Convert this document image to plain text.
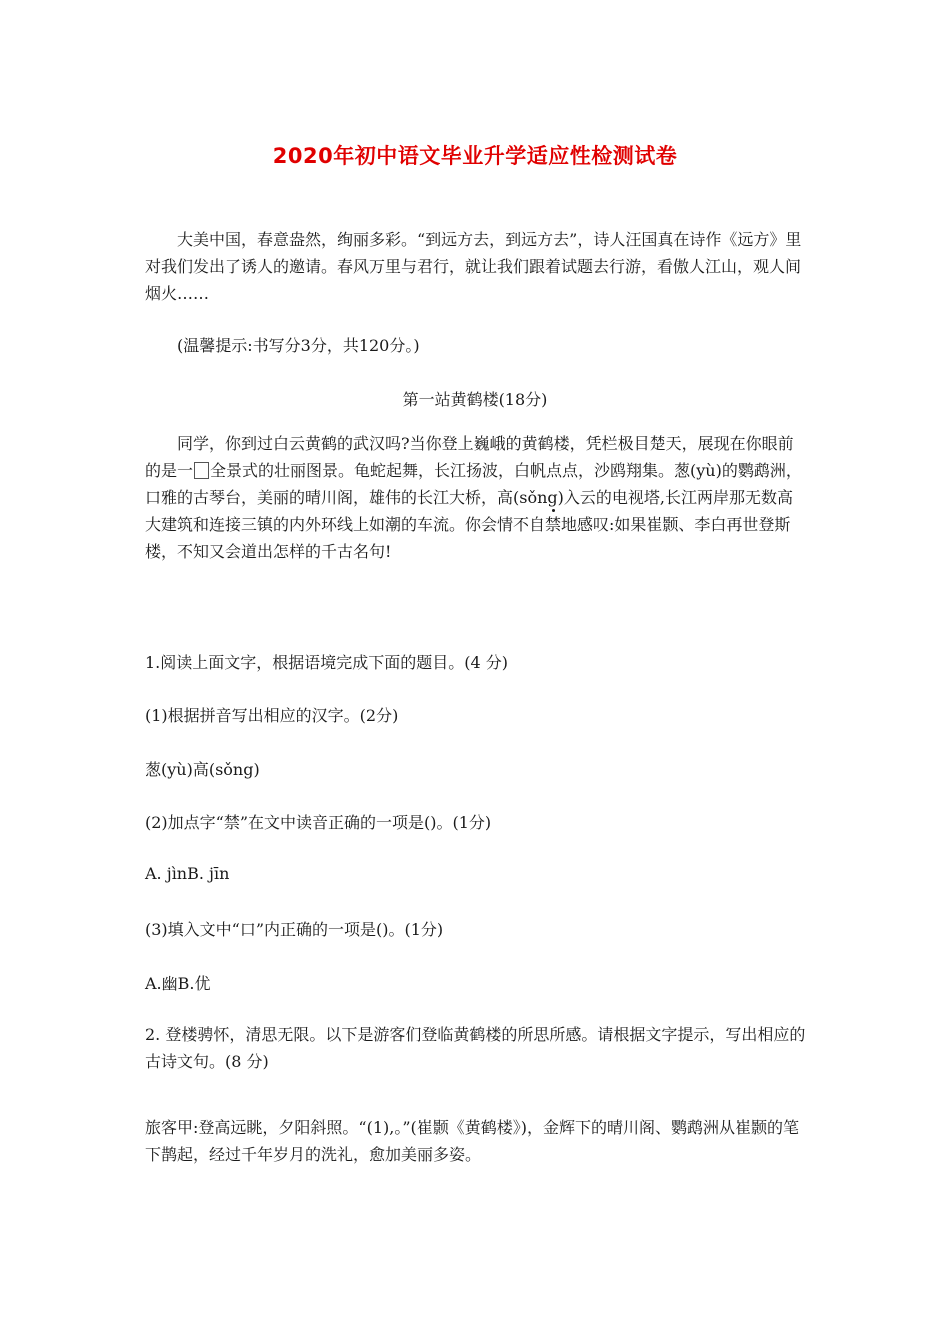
2020年初中语文毕业升学适应性检测试卷

大美中国，春意盎然，绚丽多彩。“到远方去，到远方去”，诗人汪国真在诗作《远方》里对我们发出了诱人的邀请。春风万里与君行，就让我们跟着试题去行游，看傲人江山，观人间烟火……

(温馨提示:书写分3分，共120分。)
第一站黄鹤楼(18分)

同学，你到过白云黄鹤的武汉吗?当你登上巍峨的黄鹤楼，凭栏极目楚天，展现在你眼前的是一 全景式的壮丽图景。龟蛇起舞，长江扬波，白帆点点，沙鸥翔集。葱(yù)的鹦鹉洲，口雅的古琴台，美丽的晴川阁，雄伟的长江大桥，高(sǒng)入云的电视塔,长江两岸那无数高大建筑和连接三镇的内外环线上如潮的车流。你会情不自禁地感叹:如果崔颢、李白再世登斯楼，不知又会道出怎样的千古名句!

1.阅读上面文字，根据语境完成下面的题目。(4 分)
(1)根据拼音写出相应的汉字。(2分)
葱(yù)高(sǒng)
(2)加点字“禁”在文中读音正确的一项是()。(1分)
A. jìnB. jīn
(3)填入文中“口”内正确的一项是()。(1分)
A.幽B.优

2. 登楼骋怀，清思无限。以下是游客们登临黄鹤楼的所思所感。请根据文字提示，写出相应的古诗文句。(8 分)

旅客甲:登高远眺，夕阳斜照。“(1),。”(崔颢《黄鹤楼》)，金辉下的晴川阁、鹦鹉洲从崔颢的笔下鹊起，经过千年岁月的洗礼，愈加美丽多姿。
